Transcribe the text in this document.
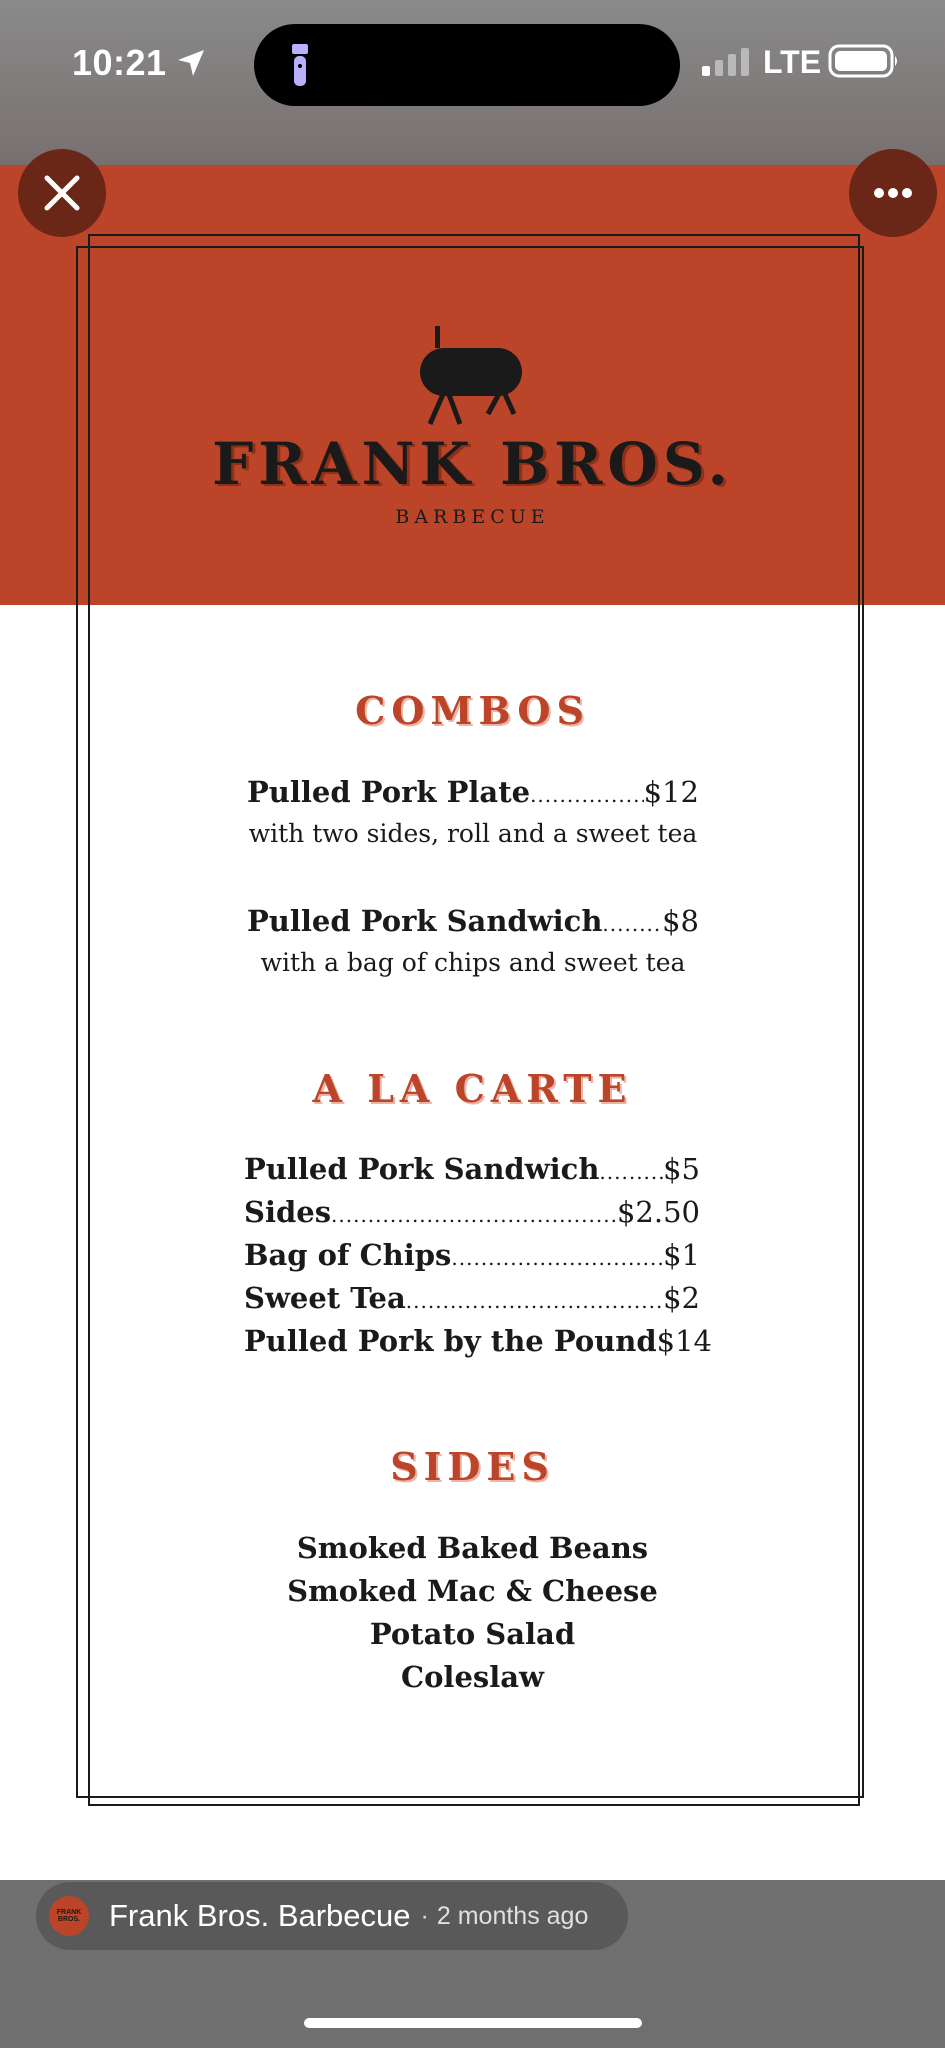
10:21	LTE
FRANK BROS.
BARBECUE
COMBOS
Pulled Pork Plate .....	$12
with two sides, roll and a sweet tea
Pulled Pork Sandwich ..... $8
with a bag of chips and sweet tea
A LA CARTE
Pulled Pork Sandwich ..... $5
Sides .....	$2.50
Bag of Chips .....	$1
Sweet Tea .....	$2
Pulled Pork by the Pound $14
SIDES
Smoked Baked Beans
Smoked Mac & Cheese
Potato Salad
Coleslaw
FRANK BROS. Frank Bros. Barbecue · 2 months ago
